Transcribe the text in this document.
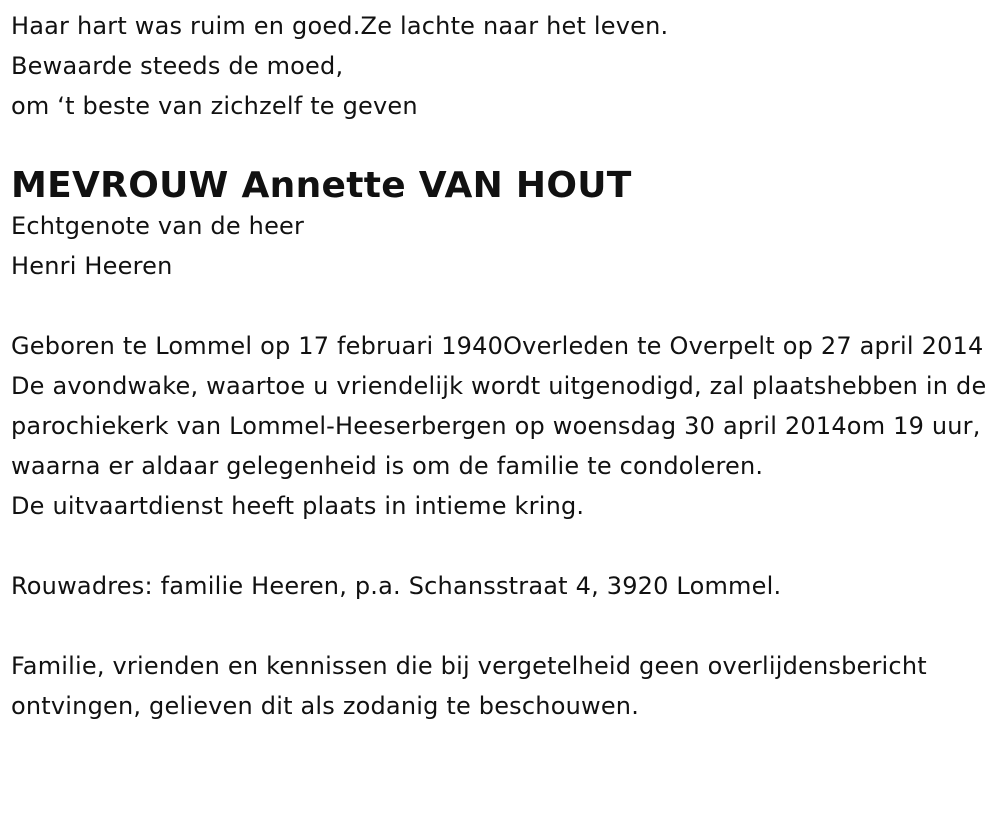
Haar hart was ruim en goed.Ze lachte naar het leven.
Bewaarde steeds de moed,
om ‘t beste van zichzelf te geven
MEVROUW Annette VAN HOUT
Echtgenote van de heer
Henri Heeren
Geboren te Lommel op 17 februari 1940Overleden te Overpelt op 27 april 2014
De avondwake, waartoe u vriendelijk wordt uitgenodigd, zal plaatshebben in de parochiekerk van Lommel-Heeserbergen op woensdag 30 april 2014om 19 uur, waarna er aldaar gelegenheid is om de familie te condoleren.
De uitvaartdienst heeft plaats in intieme kring.
Rouwadres: familie Heeren, p.a. Schansstraat 4, 3920 Lommel.
Familie, vrienden en kennissen die bij vergetelheid geen overlijdensbericht ontvingen, gelieven dit als zodanig te beschouwen.
